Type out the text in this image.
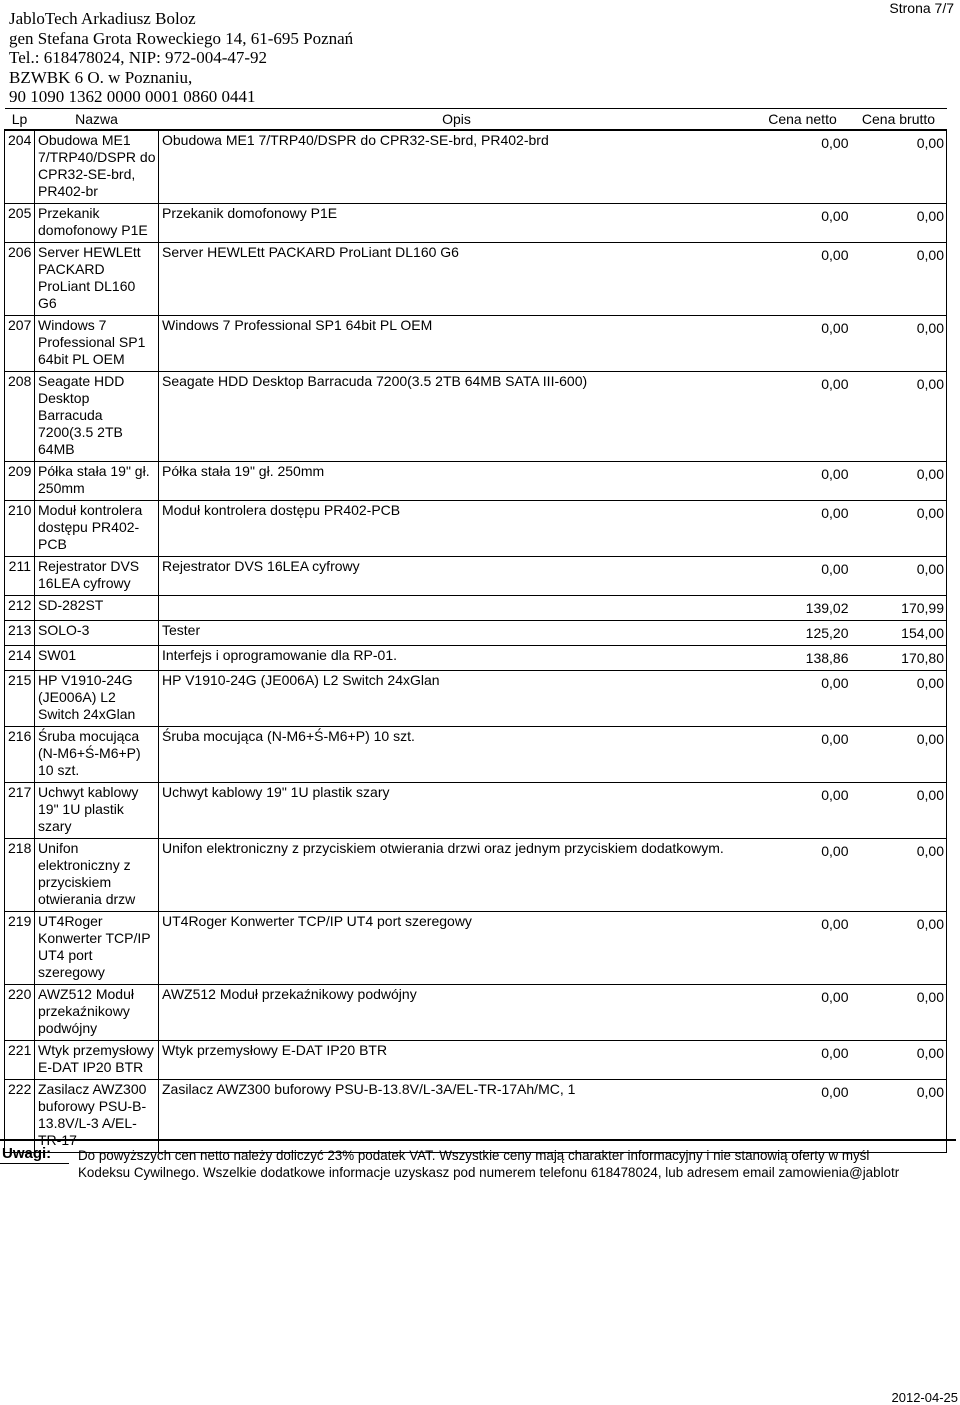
JabloTech Arkadiusz Boloz
gen Stefana Grota Roweckiego 14, 61-695 Poznań
Tel.: 618478024, NIP: 972-004-47-92
BZWBK 6 O. w Poznaniu,
90 1090 1362 0000 0001 0860 0441
Strona 7/7
Lp	Nazwa	Opis	Cena netto	Cena brutto
204	Obudowa ME1 7/TRP40/DSPR do CPR32-SE-brd, PR402-br	Obudowa ME1 7/TRP40/DSPR do CPR32-SE-brd, PR402-brd	0,00	0,00
205	Przekanik domofonowy P1E	Przekanik domofonowy P1E	0,00	0,00
206	Server HEWLEtt PACKARD ProLiant DL160 G6	Server HEWLEtt PACKARD ProLiant DL160 G6	0,00	0,00
207	Windows 7 Professional SP1 64bit PL OEM	Windows 7 Professional SP1 64bit PL OEM	0,00	0,00
208	Seagate HDD Desktop Barracuda 7200(3.5 2TB 64MB	Seagate HDD Desktop Barracuda 7200(3.5 2TB 64MB SATA III-600)	0,00	0,00
209	Półka stała 19" gł. 250mm	Półka stała 19" gł. 250mm	0,00	0,00
210	Moduł kontrolera dostępu PR402-PCB	Moduł kontrolera dostępu PR402-PCB	0,00	0,00
211	Rejestrator DVS 16LEA cyfrowy	Rejestrator DVS 16LEA cyfrowy	0,00	0,00
212	SD-282ST		139,02	170,99
213	SOLO-3	Tester	125,20	154,00
214	SW01	Interfejs i oprogramowanie dla RP-01.	138,86	170,80
215	HP V1910-24G (JE006A) L2 Switch 24xGlan	HP V1910-24G (JE006A) L2 Switch 24xGlan	0,00	0,00
216	Śruba mocująca (N-M6+Ś-M6+P) 10 szt.	Śruba mocująca (N-M6+Ś-M6+P) 10 szt.	0,00	0,00
217	Uchwyt kablowy 19" 1U plastik szary	Uchwyt kablowy 19" 1U plastik szary	0,00	0,00
218	Unifon elektroniczny z przyciskiem otwierania drzw	Unifon elektroniczny z przyciskiem otwierania drzwi oraz jednym przyciskiem dodatkowym.	0,00	0,00
219	UT4Roger Konwerter TCP/IP UT4 port szeregowy	UT4Roger Konwerter TCP/IP UT4 port szeregowy	0,00	0,00
220	AWZ512 Moduł przekaźnikowy podwójny	AWZ512 Moduł przekaźnikowy podwójny	0,00	0,00
221	Wtyk przemysłowy E-DAT IP20 BTR	Wtyk przemysłowy E-DAT IP20 BTR	0,00	0,00
222	Zasilacz AWZ300 buforowy PSU-B-13.8V/L-3 A/EL-TR-17	Zasilacz AWZ300 buforowy PSU-B-13.8V/L-3A/EL-TR-17Ah/MC, 1	0,00	0,00
Uwagi: Do powyższych cen netto należy doliczyć 23% podatek VAT. Wszystkie ceny mają charakter informacyjny i nie stanowią oferty w myśl
Kodeksu Cywilnego. Wszelkie dodatkowe informacje uzyskasz pod numerem telefonu 618478024, lub adresem email zamowienia@jablotr
2012-04-25
